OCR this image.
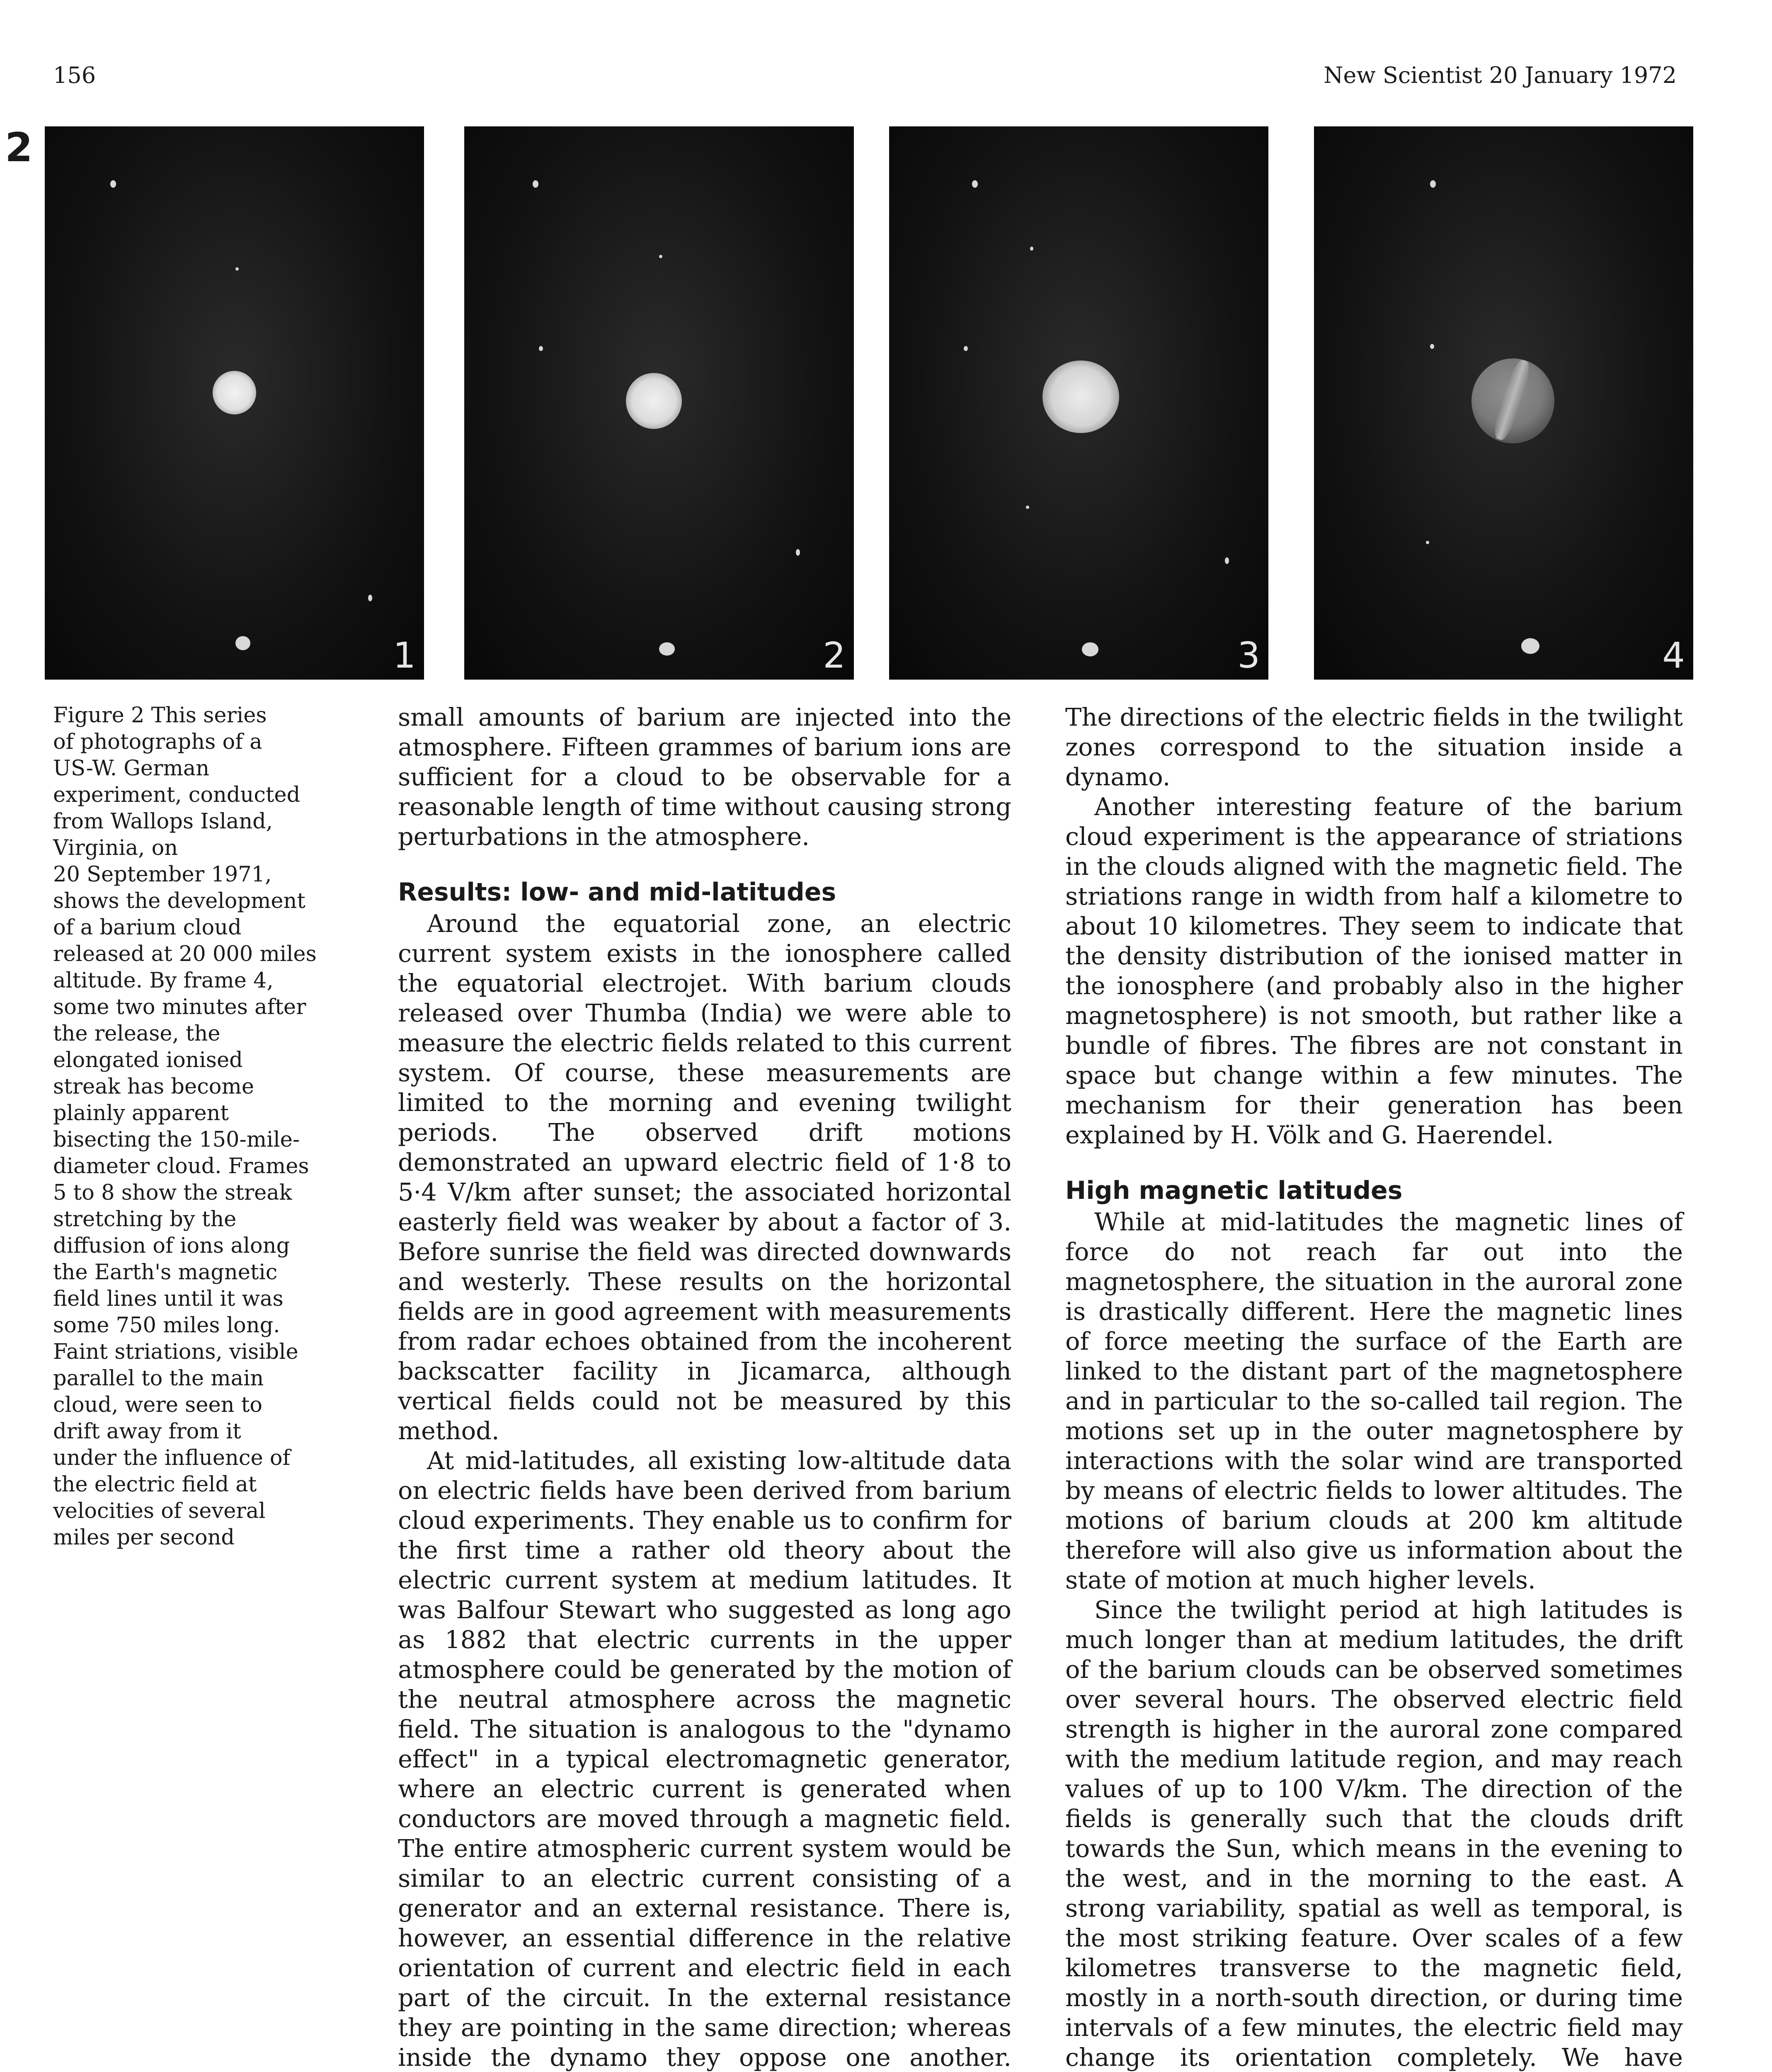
156	New Scientist 20 January 1972
2
1	2	3	4
Figure 2 This series
of photographs of a
US-W. German
experiment, conducted
from Wallops Island,
Virginia, on
20 September 1971,
shows the development
of a barium cloud
released at 20 000 miles
altitude. By frame 4,
some two minutes after
the release, the
elongated ionised
streak has become
plainly apparent
bisecting the 150-mile-
diameter cloud. Frames
5 to 8 show the streak
stretching by the
diffusion of ions along
the Earth's magnetic
field lines until it was
some 750 miles long.
Faint striations, visible
parallel to the main
cloud, were seen to
drift away from it
under the influence of
the electric field at
velocities of several
miles per second

small amounts of barium are injected into the atmosphere. Fifteen grammes of barium ions are sufficient for a cloud to be observable for a reasonable length of time without causing strong perturbations in the atmosphere.

Results: low- and mid-latitudes

Around the equatorial zone, an electric current system exists in the ionosphere called the equatorial electrojet. With barium clouds released over Thumba (India) we were able to measure the electric fields related to this current system. Of course, these measurements are limited to the morning and evening twilight periods. The observed drift motions demonstrated an upward electric field of 1·8 to 5·4 V/km after sunset; the associated horizontal easterly field was weaker by about a factor of 3. Before sunrise the field was directed downwards and westerly. These results on the horizontal fields are in good agreement with measurements from radar echoes obtained from the incoherent backscatter facility in Jicamarca, although vertical fields could not be measured by this method.

At mid-latitudes, all existing low-altitude data on electric fields have been derived from barium cloud experiments. They enable us to confirm for the first time a rather old theory about the electric current system at medium latitudes. It was Balfour Stewart who suggested as long ago as 1882 that electric currents in the upper atmosphere could be generated by the motion of the neutral atmosphere across the magnetic field. The situation is analogous to the "dynamo effect" in a typical electromagnetic generator, where an electric current is generated when conductors are moved through a magnetic field. The entire atmospheric current system would be similar to an electric current consisting of a generator and an external resistance. There is, however, an essential difference in the relative orientation of current and electric field in each part of the circuit. In the external resistance they are pointing in the same direction; whereas inside the dynamo they oppose one another.

The directions of the electric fields in the twilight zones correspond to the situation inside a dynamo.

Another interesting feature of the barium cloud experiment is the appearance of striations in the clouds aligned with the magnetic field. The striations range in width from half a kilometre to about 10 kilometres. They seem to indicate that the density distribution of the ionised matter in the ionosphere (and probably also in the higher magnetosphere) is not smooth, but rather like a bundle of fibres. The fibres are not constant in space but change within a few minutes. The mechanism for their generation has been explained by H. Völk and G. Haerendel.

High magnetic latitudes

While at mid-latitudes the magnetic lines of force do not reach far out into the magnetosphere, the situation in the auroral zone is drastically different. Here the magnetic lines of force meeting the surface of the Earth are linked to the distant part of the magnetosphere and in particular to the so-called tail region. The motions set up in the outer magnetosphere by interactions with the solar wind are transported by means of electric fields to lower altitudes. The motions of barium clouds at 200 km altitude therefore will also give us information about the state of motion at much higher levels.

Since the twilight period at high latitudes is much longer than at medium latitudes, the drift of the barium clouds can be observed sometimes over several hours. The observed electric field strength is higher in the auroral zone compared with the medium latitude region, and may reach values of up to 100 V/km. The direction of the fields is generally such that the clouds drift towards the Sun, which means in the evening to the west, and in the morning to the east. A strong variability, spatial as well as temporal, is the most striking feature. Over scales of a few kilometres transverse to the magnetic field, mostly in a north-south direction, or during time intervals of a few minutes, the electric field may change its orientation completely. We have
